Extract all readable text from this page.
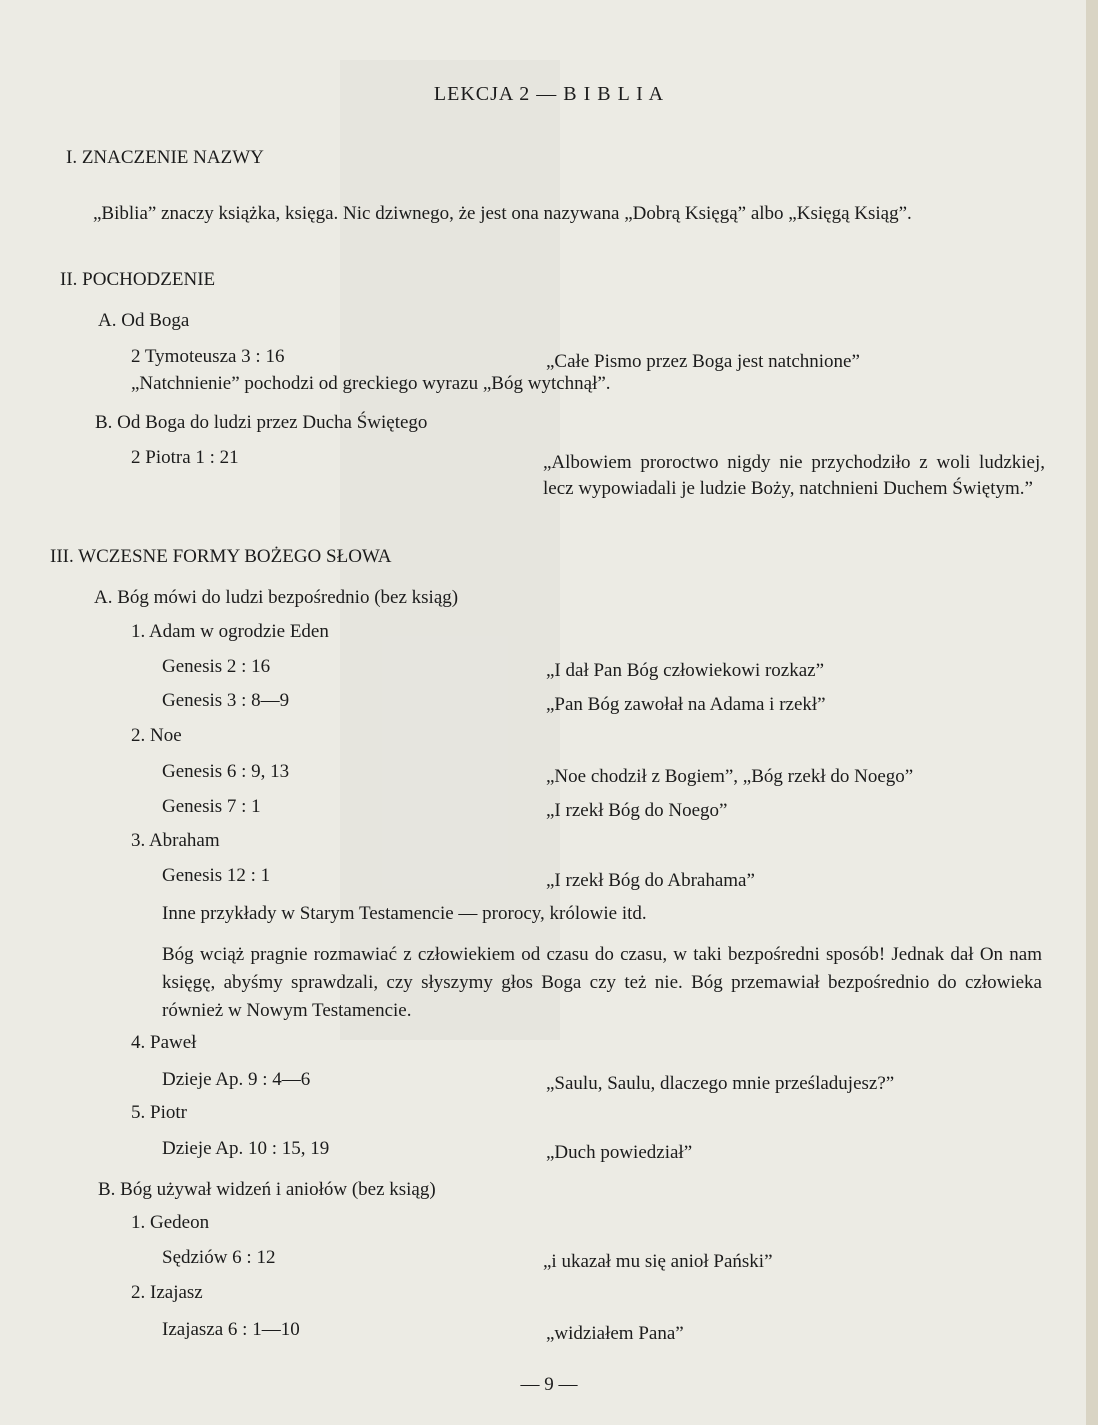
LEKCJA 2 — B I B L I A
I. ZNACZENIE NAZWY
„Biblia” znaczy książka, księga. Nic dziwnego, że jest ona nazywana „Dobrą Księgą” albo „Księgą Ksiąg”.
II. POCHODZENIE
A. Od Boga
2 Tymoteusza 3 : 16	„Całe Pismo przez Boga jest natchnione”
„Natchnienie” pochodzi od greckiego wyrazu „Bóg wytchnął”.
B. Od Boga do ludzi przez Ducha Świętego
2 Piotra 1 : 21	„Albowiem proroctwo nigdy nie przychodziło z woli ludzkiej, lecz wypowiadali je ludzie Boży, natchnieni Duchem Świętym.”
III. WCZESNE FORMY BOŻEGO SŁOWA
A. Bóg mówi do ludzi bezpośrednio (bez ksiąg)
1. Adam w ogrodzie Eden
Genesis 2 : 16	„I dał Pan Bóg człowiekowi rozkaz”
Genesis 3 : 8—9	„Pan Bóg zawołał na Adama i rzekł”
2. Noe
Genesis 6 : 9, 13	„Noe chodził z Bogiem”, „Bóg rzekł do Noego”
Genesis 7 : 1	„I rzekł Bóg do Noego”
3. Abraham
Genesis 12 : 1	„I rzekł Bóg do Abrahama”
Inne przykłady w Starym Testamencie — prorocy, królowie itd.
Bóg wciąż pragnie rozmawiać z człowiekiem od czasu do czasu, w taki bezpośredni sposób! Jednak dał On nam księgę, abyśmy sprawdzali, czy słyszymy głos Boga czy też nie. Bóg przemawiał bezpośrednio do człowieka również w Nowym Testamencie.
4. Paweł
Dzieje Ap. 9 : 4—6	„Saulu, Saulu, dlaczego mnie prześladujesz?”
5. Piotr
Dzieje Ap. 10 : 15, 19	„Duch powiedział”
B. Bóg używał widzeń i aniołów (bez ksiąg)
1. Gedeon
Sędziów 6 : 12	„i ukazał mu się anioł Pański”
2. Izajasz
Izajasza 6 : 1—10	„widziałem Pana”
— 9 —
